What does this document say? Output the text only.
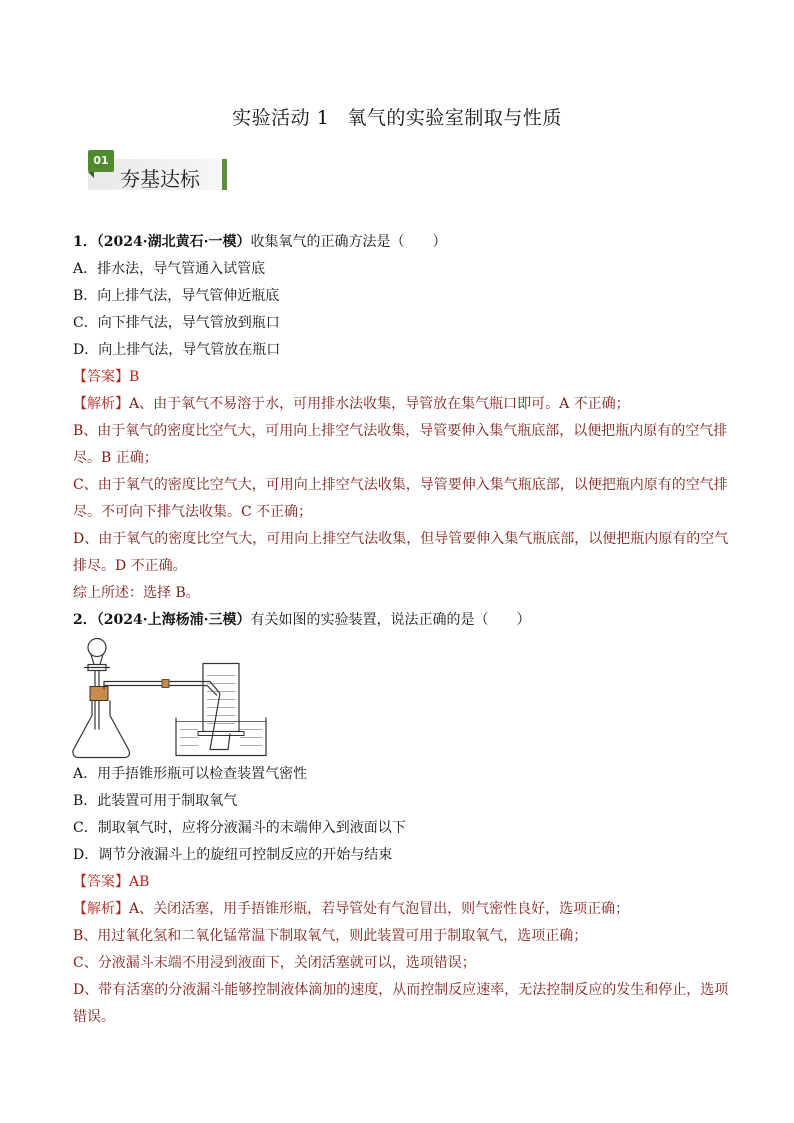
实验活动 1 氧气的实验室制取与性质
01
夯基达标
1．（2024·湖北黄石·一模）收集氧气的正确方法是（　　）
A．排水法，导气管通入试管底
B．向上排气法，导气管伸近瓶底
C．向下排气法，导气管放到瓶口
D．向上排气法，导气管放在瓶口
【答案】B
【解析】A、由于氧气不易溶于水，可用排水法收集，导管放在集气瓶口即可。A 不正确；
B、由于氧气的密度比空气大，可用向上排空气法收集，导管要伸入集气瓶底部，以便把瓶内原有的空气排
尽。B 正确；
C、由于氧气的密度比空气大，可用向上排空气法收集，导管要伸入集气瓶底部，以便把瓶内原有的空气排
尽。不可向下排气法收集。C 不正确；
D、由于氧气的密度比空气大，可用向上排空气法收集，但导管要伸入集气瓶底部，以便把瓶内原有的空气
排尽。D 不正确。
综上所述：选择 B。
2．（2024·上海杨浦·三模）有关如图的实验装置，说法正确的是（　　）
A．用手捂锥形瓶可以检查装置气密性
B．此装置可用于制取氧气
C．制取氧气时，应将分液漏斗的末端伸入到液面以下
D．调节分液漏斗上的旋纽可控制反应的开始与结束
【答案】AB
【解析】A、关闭活塞，用手捂锥形瓶，若导管处有气泡冒出，则气密性良好，选项正确；
B、用过氧化氢和二氧化锰常温下制取氧气，则此装置可用于制取氧气，选项正确；
C、分液漏斗末端不用浸到液面下，关闭活塞就可以，选项错误；
D、带有活塞的分液漏斗能够控制液体滴加的速度，从而控制反应速率，无法控制反应的发生和停止，选项
错误。
